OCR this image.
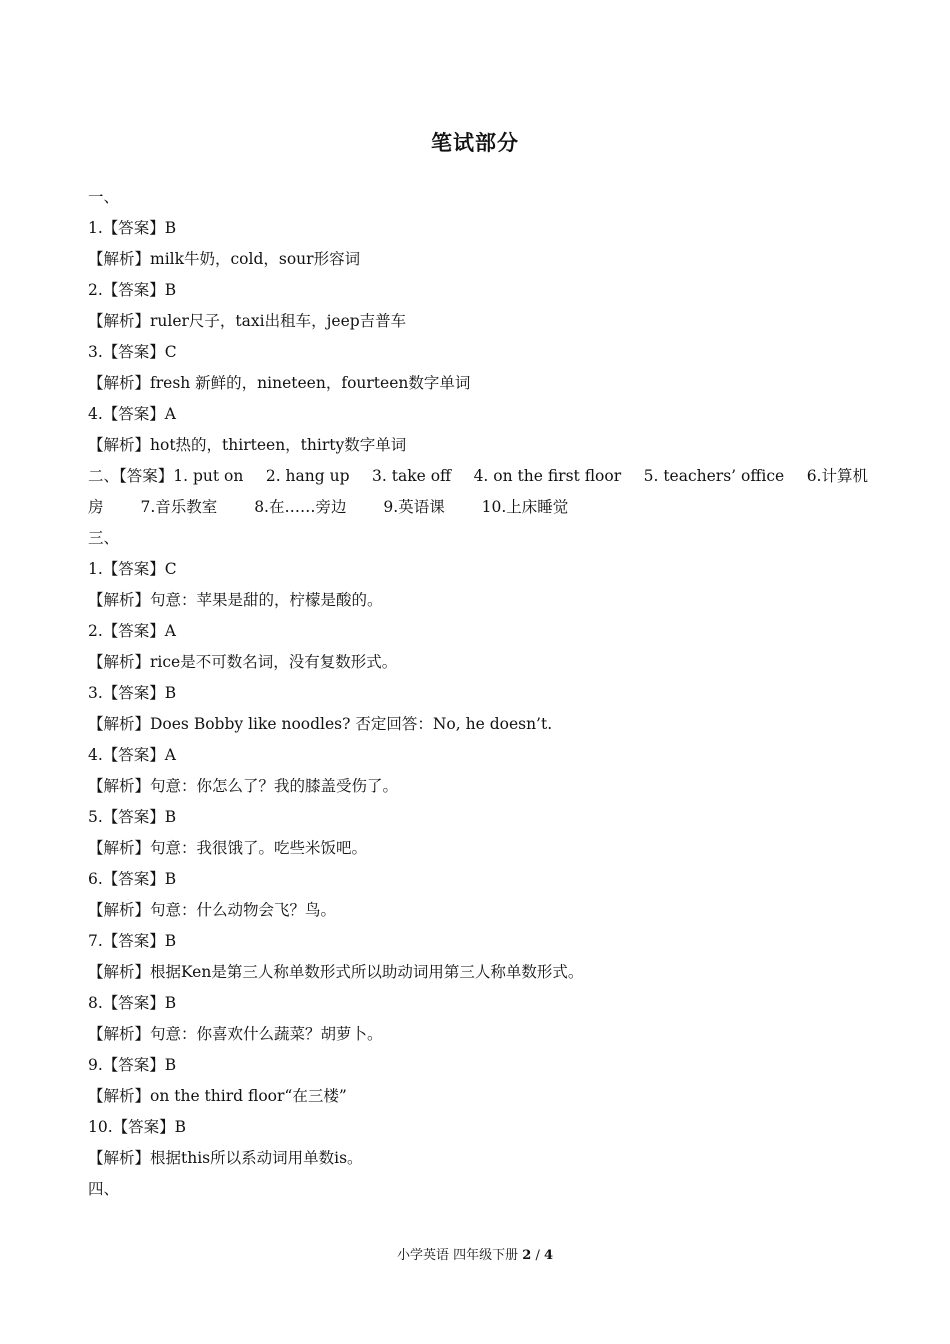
笔试部分
一、
1.【答案】B
【解析】milk牛奶，cold，sour形容词
2.【答案】B
【解析】ruler尺子，taxi出租车，jeep吉普车
3.【答案】C
【解析】fresh 新鲜的，nineteen，fourteen数字单词
4.【答案】A
【解析】hot热的，thirteen，thirty数字单词
二、【答案】1. put on 2. hang up 3. take off 4. on the first floor 5. teachers’ office 6.计算机
房 7.音乐教室 8.在……旁边 9.英语课 10.上床睡觉
三、
1.【答案】C
【解析】句意：苹果是甜的，柠檬是酸的。
2.【答案】A
【解析】rice是不可数名词，没有复数形式。
3.【答案】B
【解析】Does Bobby like noodles? 否定回答：No, he doesn’t.
4.【答案】A
【解析】句意：你怎么了？我的膝盖受伤了。
5.【答案】B
【解析】句意：我很饿了。吃些米饭吧。
6.【答案】B
【解析】句意：什么动物会飞？鸟。
7.【答案】B
【解析】根据Ken是第三人称单数形式所以助动词用第三人称单数形式。
8.【答案】B
【解析】句意：你喜欢什么蔬菜？胡萝卜。
9.【答案】B
【解析】on the third floor“在三楼”
10.【答案】B
【解析】根据this所以系动词用单数is。
四、
小学英语 四年级下册 2 / 4
